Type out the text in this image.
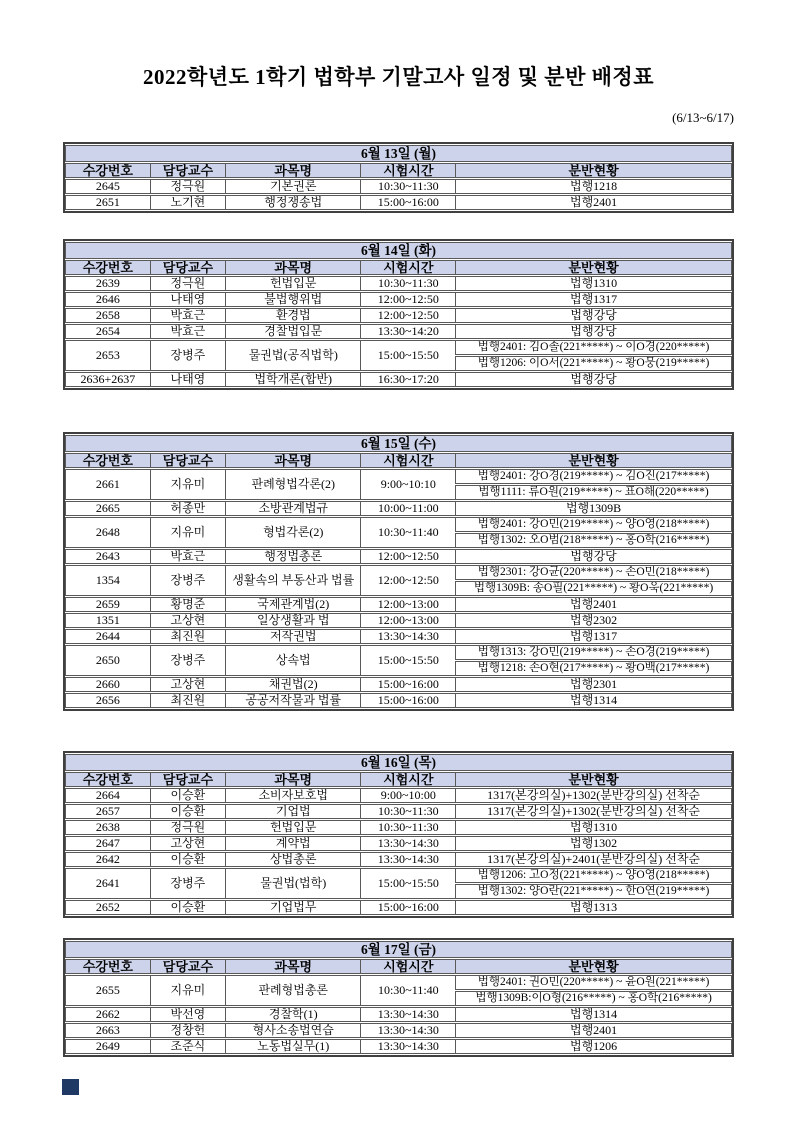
2022학년도 1학기 법학부 기말고사 일정 및 분반 배정표
(6/13~6/17)
6월 13일 (월)				
수강번호	담당교수	과목명	시험시간	분반현황
2645	정극원	기본권론	10:30~11:30	법행1218
2651	노기현	행정쟁송법	15:00~16:00	법행2401
6월 14일 (화)				
수강번호	담당교수	과목명	시험시간	분반현황
2639	정극원	헌법입문	10:30~11:30	법행1310
2646	나태영	불법행위법	12:00~12:50	법행1317
2658	박효근	환경법	12:00~12:50	법행강당
2654	박효근	경찰법입문	13:30~14:20	법행강당
2653	장병주	물권법(공직법학)	15:00~15:50	법행2401: 김O솔(221*****) ~ 이O경(220*****)
				법행1206: 이O서(221*****) ~ 황O뭉(219*****)
2636+2637	나태영	법학개론(합반)	16:30~17:20	법행강당
6월 15일 (수)				
수강번호	담당교수	과목명	시험시간	분반현황
2661	지유미	판례형법각론(2)	9:00~10:10	법행2401: 강O경(219*****) ~ 김O진(217*****)
				법행1111: 류O원(219*****) ~ 표O해(220*****)
2665	허종만	소방관계법규	10:00~11:00	법행1309B
2648	지유미	형법각론(2)	10:30~11:40	법행2401: 강O민(219*****) ~ 양O영(218*****)
				법행1302: 오O범(218*****) ~ 홍O학(216*****)
2643	박효근	행정법총론	12:00~12:50	법행강당
1354	장병주	생활속의 부동산과 법률	12:00~12:50	법행2301: 강O균(220*****) ~ 손O민(218*****)
				법행1309B: 송O필(221*****) ~ 황O욱(221*****)
2659	황명준	국제관계법(2)	12:00~13:00	법행2401
1351	고상현	일상생활과 법	12:00~13:00	법행2302
2644	최진원	저작권법	13:30~14:30	법행1317
2650	장병주	상속법	15:00~15:50	법행1313: 강O민(219*****) ~ 손O경(219*****)
				법행1218: 손O현(217*****) ~ 황O백(217*****)
2660	고상현	채권법(2)	15:00~16:00	법행2301
2656	최진원	공공저작물과 법률	15:00~16:00	법행1314
6월 16일 (목)				
수강번호	담당교수	과목명	시험시간	분반현황
2664	이승환	소비자보호법	9:00~10:00	1317(본강의실)+1302(분반강의실) 선착순
2657	이승환	기업법	10:30~11:30	1317(본강의실)+1302(분반강의실) 선착순
2638	정극원	헌법입문	10:30~11:30	법행1310
2647	고상현	계약법	13:30~14:30	법행1302
2642	이승환	상법총론	13:30~14:30	1317(본강의실)+2401(분반강의실) 선착순
2641	장병주	물권법(법학)	15:00~15:50	법행1206: 고O정(221*****) ~ 양O영(218*****)
				법행1302: 양O란(221*****) ~ 한O연(219*****)
2652	이승환	기업법무	15:00~16:00	법행1313
6월 17일 (금)				
수강번호	담당교수	과목명	시험시간	분반현황
2655	지유미	판례형법총론	10:30~11:40	법행2401: 권O민(220*****) ~ 윤O원(221*****)
				법행1309B:이O형(216*****) ~ 홍O학(216*****)
2662	박선영	경찰학(1)	13:30~14:30	법행1314
2663	정창헌	형사소송법연습	13:30~14:30	법행2401
2649	조준식	노동법실무(1)	13:30~14:30	법행1206
